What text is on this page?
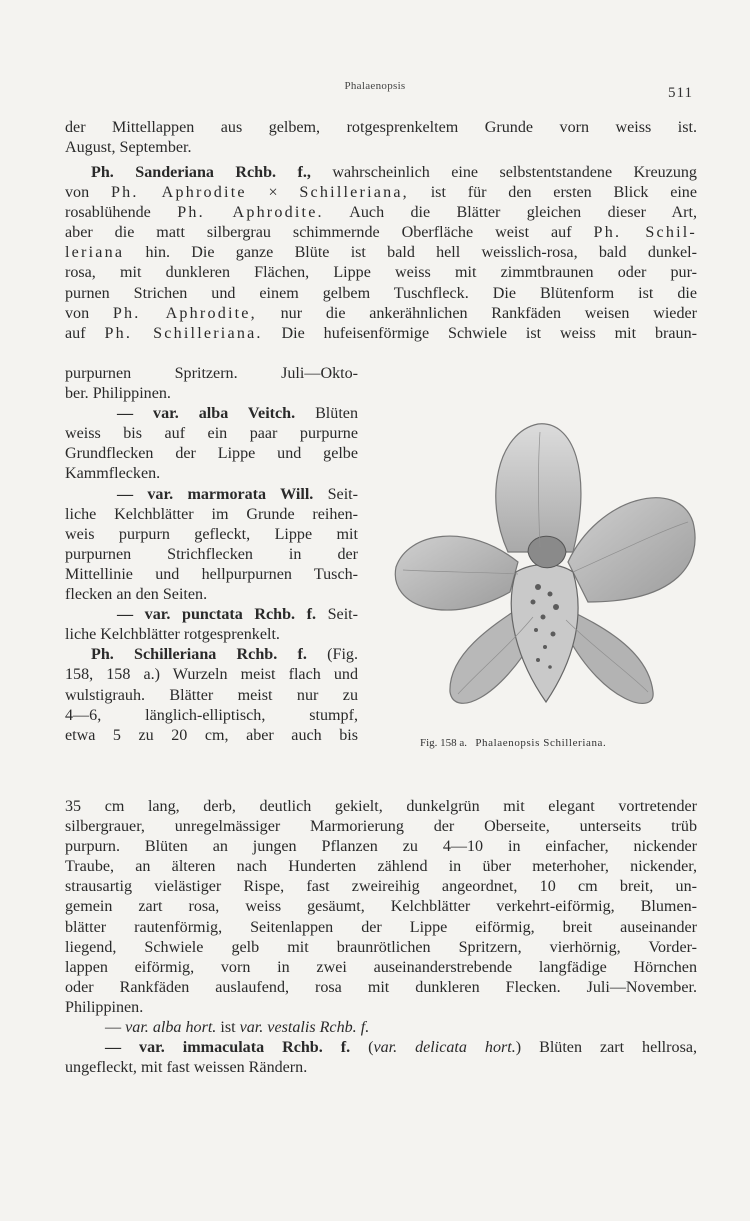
Phalaenopsis	511
der Mittellappen aus gelbem, rotgesprenkeltem Grunde vorn weiss ist.
August, September.
Ph. Sanderiana Rchb. f., wahrscheinlich eine selbstentstandene Kreuzung
von Ph. Aphrodite × Schilleriana, ist für den ersten Blick eine
rosablühende Ph. Aphrodite. Auch die Blätter gleichen dieser Art,
aber die matt silbergrau schimmernde Oberfläche weist auf Ph. Schil-
leriana hin. Die ganze Blüte ist bald hell weisslich-rosa, bald dunkel-
rosa, mit dunkleren Flächen, Lippe weiss mit zimmtbraunen oder pur-
purnen Strichen und einem gelbem Tuschfleck. Die Blütenform ist die
von Ph. Aphrodite, nur die ankerähnlichen Rankfäden weisen wieder
auf Ph. Schilleriana. Die hufeisenförmige Schwiele ist weiss mit braun-
purpurnen Spritzern. Juli—Okto-
ber. Philippinen.
— var. alba Veitch. Blüten
weiss bis auf ein paar purpurne
Grundflecken der Lippe und gelbe
Kammflecken.
— var. marmorata Will. Seit-
liche Kelchblätter im Grunde reihen-
weis purpurn gefleckt, Lippe mit
purpurnen Strichflecken in der
Mittellinie und hellpurpurnen Tusch-
flecken an den Seiten.
— var. punctata Rchb. f. Seit-
liche Kelchblätter rotgesprenkelt.
Ph. Schilleriana Rchb. f. (Fig.
158, 158 a.) Wurzeln meist flach und
wulstigrauh. Blätter meist nur zu
4—6, länglich-elliptisch, stumpf,
etwa 5 zu 20 cm, aber auch bis	Fig. 158 a. Phalaenopsis Schilleriana.
35 cm lang, derb, deutlich gekielt, dunkelgrün mit elegant vortretender
silbergrauer, unregelmässiger Marmorierung der Oberseite, unterseits trüb
purpurn. Blüten an jungen Pflanzen zu 4—10 in einfacher, nickender
Traube, an älteren nach Hunderten zählend in über meterhoher, nickender,
strausartig vielästiger Rispe, fast zweireihig angeordnet, 10 cm breit, un-
gemein zart rosa, weiss gesäumt, Kelchblätter verkehrt-eiförmig, Blumen-
blätter rautenförmig, Seitenlappen der Lippe eiförmig, breit auseinander
liegend, Schwiele gelb mit braunrötlichen Spritzern, vierhörnig, Vorder-
lappen eiförmig, vorn in zwei auseinanderstrebende langfädige Hörnchen
oder Rankfäden auslaufend, rosa mit dunkleren Flecken. Juli—November.
Philippinen.
— var. alba hort. ist var. vestalis Rchb. f.
— var. immaculata Rchb. f. (var. delicata hort.) Blüten zart hellrosa,
ungefleckt, mit fast weissen Rändern.
